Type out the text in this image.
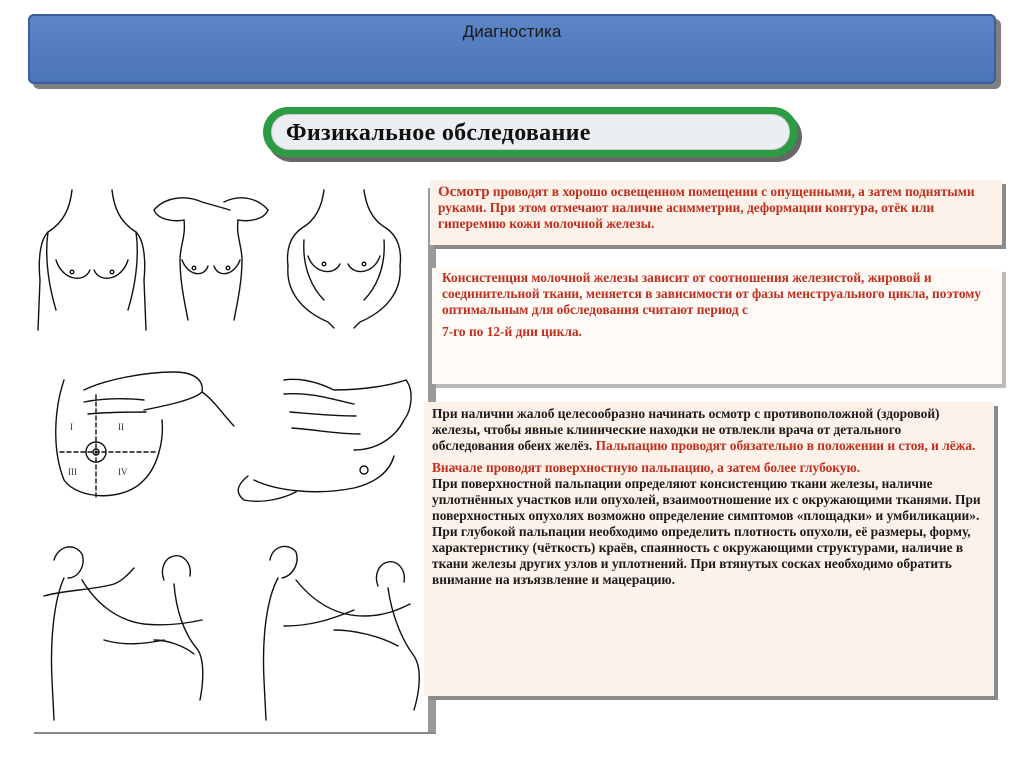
Диагностика
Физикальное обследование
I	II
III	IV

Осмотр проводят в хорошо освещенном помещении с опущенными, а затем поднятыми руками. При этом отмечают наличие асимметрии, деформации контура, отёк или гиперемию кожи молочной железы.

Консистенция молочной железы зависит от соотношения железистой, жировой и соединительной ткани, меняется в зависимости от фазы менструального цикла, поэтому оптимальным для обследования считают период с

7-го по 12-й дни цикла.

При наличии жалоб целесообразно начинать осмотр с противоположной (здоровой) железы, чтобы явные клинические находки не отвлекли врача от детального обследования обеих желёз. Пальпацию проводят обязательно в положении и стоя, и лёжа.

Вначале проводят поверхностную пальпацию, а затем более глубокую.

При поверхностной пальпации определяют консистенцию ткани железы, наличие уплотнённых участков или опухолей, взаимоотношение их с окружающими тканями. При поверхностных опухолях возможно определение симптомов «площадки» и умбиликации». При глубокой пальпации необходимо определить плотность опухоли, её размеры, форму, характеристику (чёткость) краёв, спаянность с окружающими структурами, наличие в ткани железы других узлов и уплотнений. При втянутых сосках необходимо обратить внимание на изъязвление и мацерацию.
